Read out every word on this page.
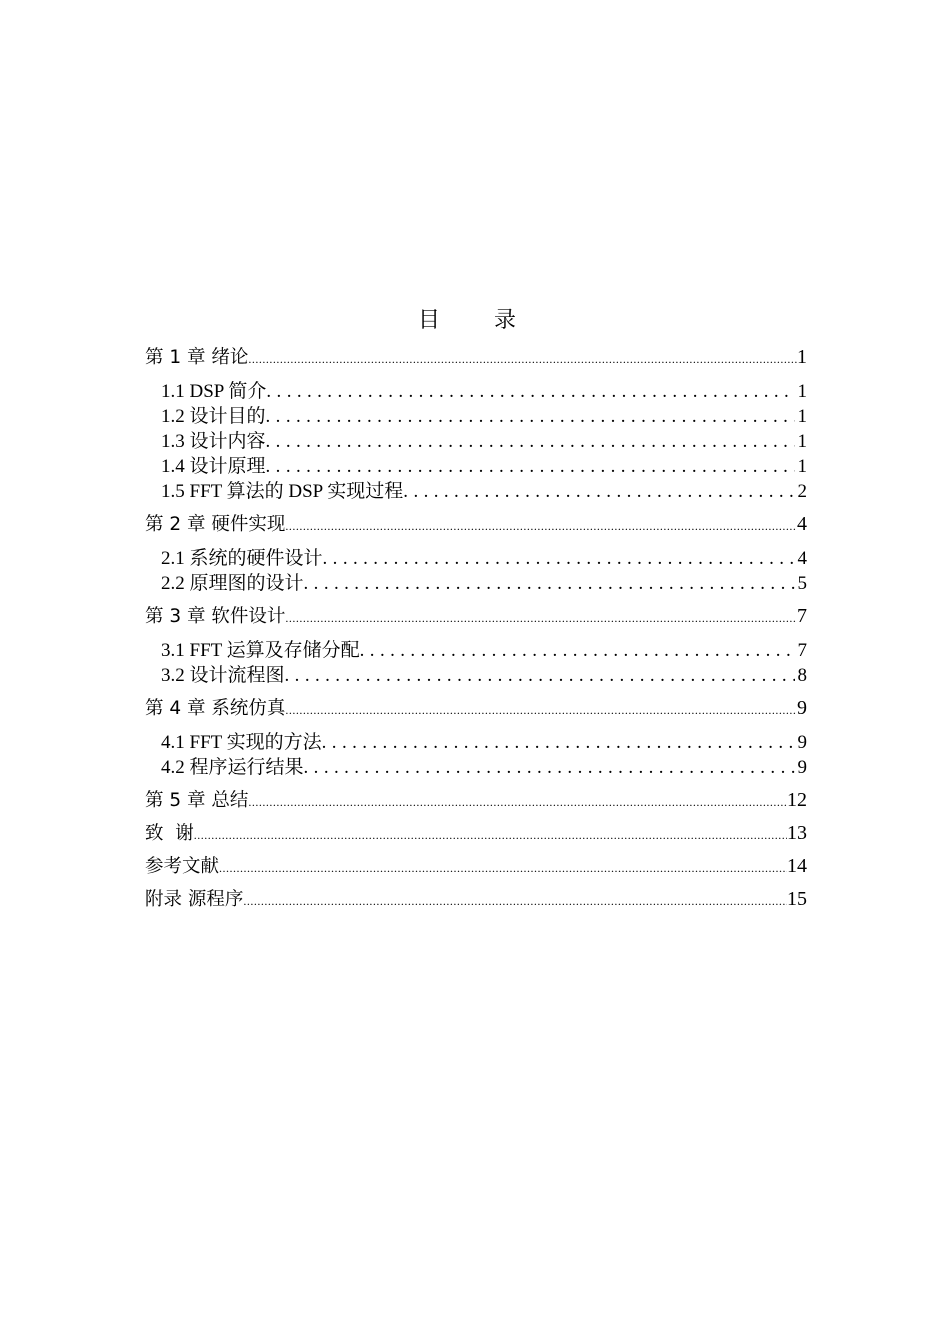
目　录
第 1 章 绪论 .....	1
1.1 DSP 简介 .....	1
1.2 设计目的 .....	1
1.3 设计内容 .....	1
1.4 设计原理 .....	1
1.5 FFT 算法的 DSP 实现过程 .....	2
第 2 章 硬件实现 .....	4
2.1 系统的硬件设计 .....	4
2.2 原理图的设计 .....	5
第 3 章 软件设计 .....	7
3.1 FFT 运算及存储分配 .....	7
3.2 设计流程图 .....	8
第 4 章 系统仿真 .....	9
4.1 FFT 实现的方法 .....	9
4.2 程序运行结果 .....	9
第 5 章 总结 .....	12
致  谢 .....	13
参考文献 .....	14
附录 源程序 .....	15
